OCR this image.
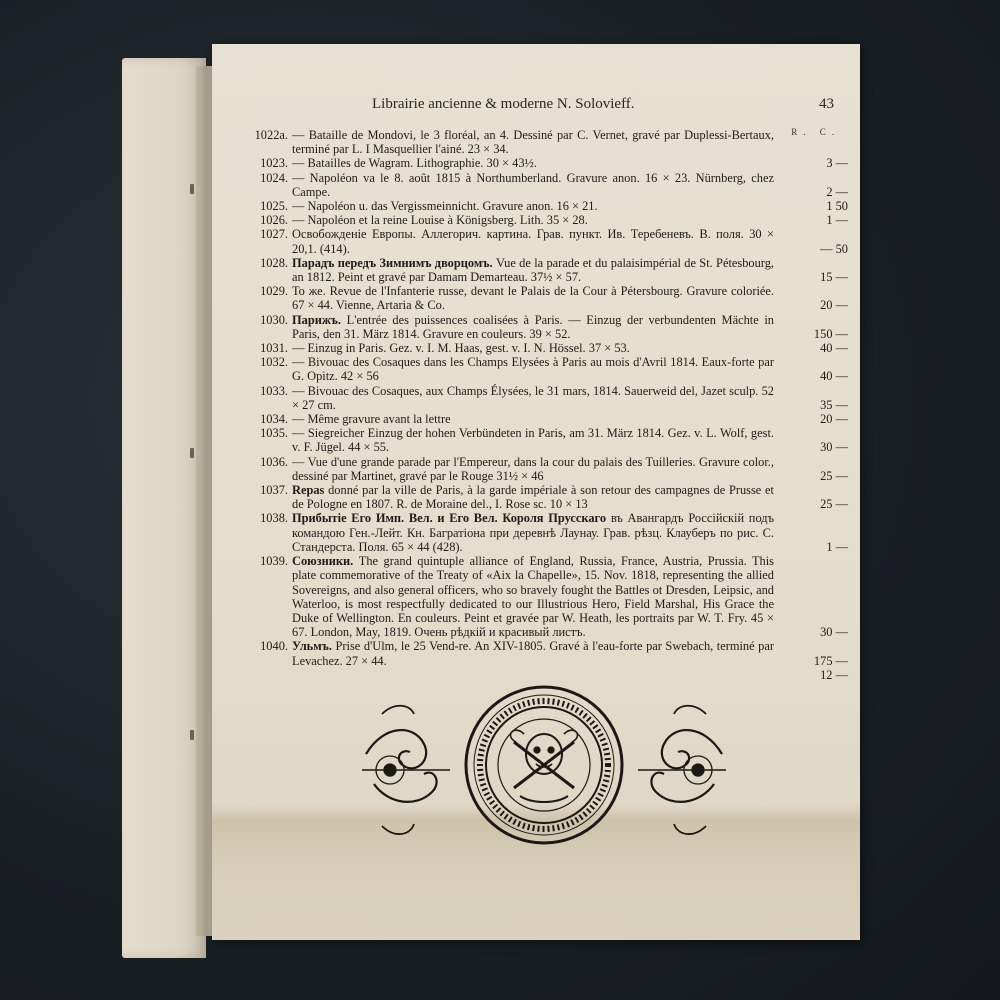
Librairie ancienne & moderne N. Solovieff.	43
R. C.
1022a. — Bataille de Mondovi, le 3 floréal, an 4. Dessiné par C. Vernet, gravé par Duplessi-Bertaux, terminé par L. I Masquellier l'ainé. 23 × 34.
1023. — Batailles de Wagram. Lithographie. 30 × 43½.	3 —
1024. — Napoléon va le 8. août 1815 à Northumberland. Gravure anon. 16 × 23. Nürnberg, chez Campe.	2 —
1025. — Napoléon u. das Vergissmeinnicht. Gravure anon. 16 × 21.	1 50
1026. — Napoléon et la reine Louise à Königsberg. Lith. 35 × 28.	1 —
1027. Освобожденіе Европы. Аллегорич. картина. Грав. пункт. Ив. Теребеневъ. В. поля. 30 × 20,1. (414).	— 50
1028. Парадъ передъ Зимнимъ дворцомъ. Vue de la parade et du palaisimpérial de St. Pétesbourg, an 1812. Peint et gravé par Damam Demarteau. 37½ × 57.	15 —
1029. То же. Revue de l'Infanterie russe, devant le Palais de la Cour à Pétersbourg. Gravure coloriée. 67 × 44. Vienne, Artaria & Co.	20 —
1030. Парижъ. L'entrée des puissences coalisées à Paris. — Einzug der verbundenten Mächte in Paris, den 31. März 1814. Gravure en couleurs. 39 × 52.	150 —
1031. — Einzug in Paris. Gez. v. I. M. Haas, gest. v. I. N. Hössel. 37 × 53.	40 —
1032. — Bivouac des Cosaques dans les Champs Elysées à Paris au mois d'Avril 1814. Eaux-forte par G. Opitz. 42 × 56	40 —
1033. — Bivouac des Cosaques, aux Champs Élysées, le 31 mars, 1814. Sauerweid del, Jazet sculp. 52 × 27 cm.	35 —
1034. — Même gravure avant la lettre	20 —
1035. — Siegreicher Einzug der hohen Verbündeten in Paris, am 31. März 1814. Gez. v. L. Wolf, gest. v. F. Jügel. 44 × 55.	30 —
1036. — Vue d'une grande parade par l'Empereur, dans la cour du palais des Tuilleries. Gravure color., dessiné par Martinet, gravé par le Rouge 31½ × 46	25 —
1037. Repas donné par la ville de Paris, à la garde impériale à son retour des campagnes de Prusse et de Pologne en 1807. R. de Moraine del., I. Rose sc. 10 × 13	25 —
1038. Прибытіе Его Имп. Вел. и Его Вел. Короля Прусскаго въ Авангардъ Россійскій подъ командою Ген.-Лейт. Кн. Багратіона при деревнѣ Лаунау. Грав. рѣзц. Клауберъ по рис. С. Стандерста. Поля. 65 × 44 (428).	1 —
1039. Союзники. The grand quintuple alliance of England, Russia, France, Austria, Prussia. This plate commemorative of the Treaty of «Aix la Chapelle», 15. Nov. 1818, representing the allied Sovereigns, and also general officers, who so bravely fought the Battles ot Dresden, Leipsic, and Waterloo, is most respectfully dedicated to our Illustrious Hero, Field Marshal, His Grace the Duke of Wellington. En couleurs. Peint et gravée par W. Heath, les portraits par W. T. Fry. 45 × 67. London, May, 1819. Очень рѣдкій и красивый листъ.	30 —
1040. Ульмъ. Prise d'Ulm, le 25 Vend-re. An XIV-1805. Gravé à l'eau-forte par Swebach, terminé par Levachez. 27 × 44.	175 —
12 —
